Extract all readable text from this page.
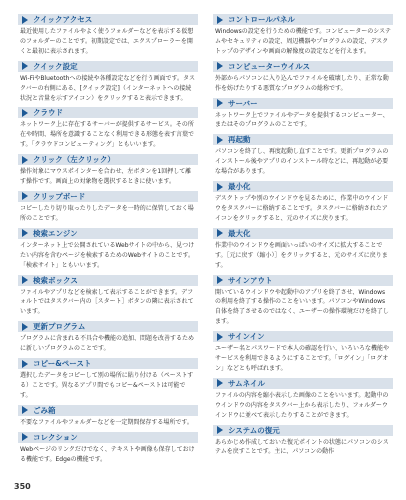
クイックアクセス
最近使用したファイルやよく使うフォルダーなどを表示する仮想のフォルダーのことです。初期設定では、エクスプローラーを開くと最初に表示されます。
クイック設定
Wi-FiやBluetoothへの接続や各種設定などを行う画面です。タスクバーの右側にある、[クイック設定]（インターネットへの接続状況と音量を示すアイコン）をクリックすると表示できます。
クラウド
ネットワーク上に存在するサーバーが提供するサービス。その所在や時間、場所を意識することなく利用できる形態を表す言葉です。「クラウドコンピューティング」ともいいます。
クリック（左クリック）
操作対象にマウスポインターを合わせ、左ボタンを1回押して離す操作です。画面上の対象物を選択するときに使います。
クリップボード
コピーしたり切り取ったりしたデータを一時的に保管しておく場所のことです。
検索エンジン
インターネット上で公開されているWebサイトの中から、見つけたい内容を含むページを検索するためのWebサイトのことです。「検索サイト」ともいいます。
検索ボックス
ファイルやアプリなどを検索して表示することができます。デフォルトではタスクバー内の［スタート］ボタンの隣に表示されています。
更新プログラム
プログラムに含まれる不具合や機能の追加、問題を改善するために新しいプログラムのことです。
コピー&ペースト
選択したデータをコピーして別の場所に貼り付ける（ペーストする）ことです。異なるアプリ間でもコピー&ペーストは可能です。
ごみ箱
不要なファイルやフォルダーなどを一定期間保存する場所です。
コレクション
Webページのリンクだけでなく、テキストや画像も保存しておける機能です。Edgeの機能です。
コントロールパネル
Windowsの設定を行うための機能です。コンピューターのシステムやセキュリティの設定、周辺機器やプログラムの設定、デスクトップのデザインや画面の解像度の設定などを行えます。
コンピューターウイルス
外部からパソコンに入り込んでファイルを破壊したり、正常な動作を妨げたりする悪質なプログラムの総称です。
サーバー
ネットワーク上でファイルやデータを提供するコンピューター、またはそのプログラムのことです。
再起動
パソコンを終了し、再度起動し直すことです。更新プログラムのインストール後やアプリのインストール時などに、再起動が必要な場合があります。
最小化
デスクトップや別のウインドウを見るために、作業中のウインドウをタスクバーに格納することです。タスクバーに格納されたアイコンをクリックすると、元のサイズに戻ります。
最大化
作業中のウインドウを画面いっぱいのサイズに拡大することです。［元に戻す（縮小）］をクリックすると、元のサイズに戻ります。
サインアウト
開いているウインドウや起動中のアプリを終了させ、Windowsの利用を終了する操作のことをいいます。パソコンやWindows自体を終了させるのではなく、ユーザーの操作環境だけを終了します。
サインイン
ユーザー名とパスワードで本人の確認を行い、いろいろな機能やサービスを利用できるようにすることです。「ログイン」「ログオン」などとも呼ばれます。
サムネイル
ファイルの内容を縮小表示した画像のことをいいます。起動中のウインドウの内容をタスクバー上から表示したり、フォルダーウインドウに並べて表示したりすることができます。
システムの復元
あらかじめ作成しておいた復元ポイントの状態にパソコンのシステムを戻すことです。主に、パソコンの動作
350
